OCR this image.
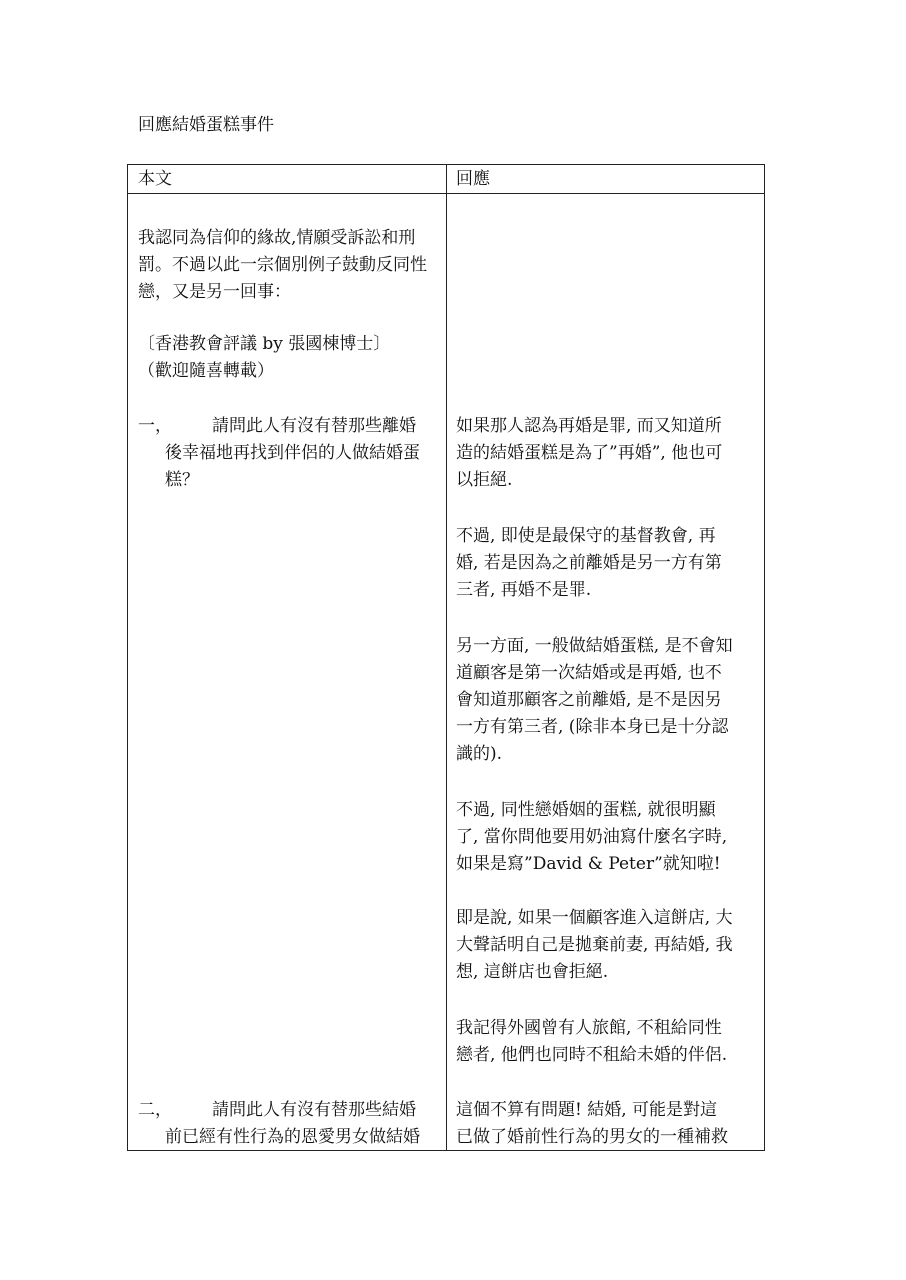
回應結婚蛋糕事件
本文	回應
我認同為信仰的緣故,情願受訴訟和刑
罰。不過以此一宗個別例子鼓動反同性
戀，又是另一回事：
〔香港教會評議 by 張國棟博士〕
（歡迎隨喜轉載）
一， 請問此人有沒有替那些離婚
後幸福地再找到伴侶的人做結婚蛋
糕？
二， 請問此人有沒有替那些結婚
前已經有性行為的恩愛男女做結婚
如果那人認為再婚是罪, 而又知道所
造的結婚蛋糕是為了”再婚”, 他也可
以拒絕.
不過, 即使是最保守的基督教會, 再
婚, 若是因為之前離婚是另一方有第
三者, 再婚不是罪.
另一方面, 一般做結婚蛋糕, 是不會知
道顧客是第一次結婚或是再婚, 也不
會知道那顧客之前離婚, 是不是因另
一方有第三者, (除非本身已是十分認
識的).
不過, 同性戀婚姻的蛋糕, 就很明顯
了, 當你問他要用奶油寫什麼名字時,
如果是寫”David & Peter”就知啦!
即是說, 如果一個顧客進入這餅店, 大
大聲話明自己是拋棄前妻, 再結婚, 我
想, 這餅店也會拒絕.
我記得外國曾有人旅館, 不租給同性
戀者, 他們也同時不租給未婚的伴侶.
這個不算有問題! 結婚, 可能是對這
已做了婚前性行為的男女的一種補救
